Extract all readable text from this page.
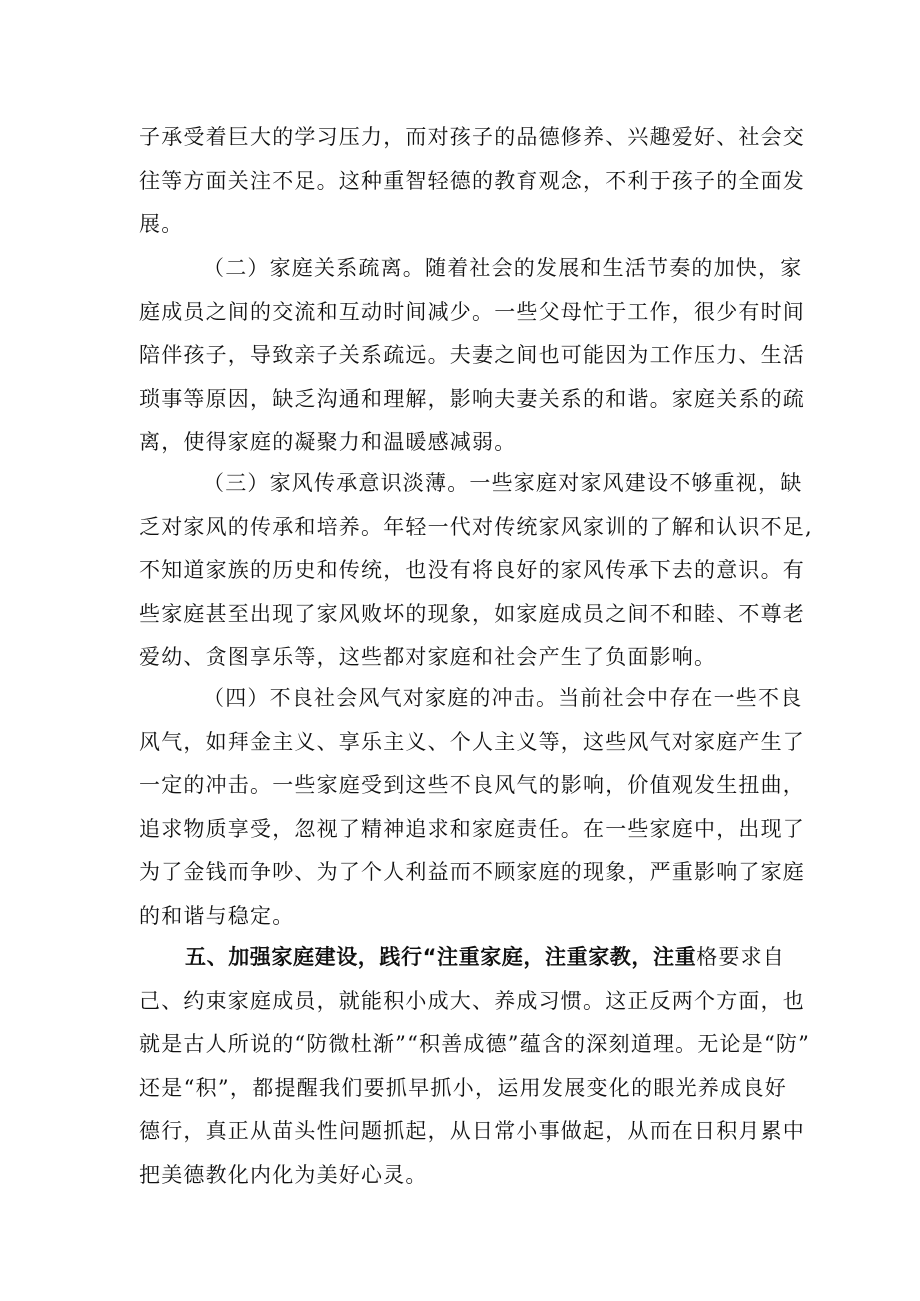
子承受着巨大的学习压力，而对孩子的品德修养、兴趣爱好、社会交
往等方面关注不足。这种重智轻德的教育观念，不利于孩子的全面发
展。
（二）家庭关系疏离。随着社会的发展和生活节奏的加快，家
庭成员之间的交流和互动时间减少。一些父母忙于工作，很少有时间
陪伴孩子，导致亲子关系疏远。夫妻之间也可能因为工作压力、生活
琐事等原因，缺乏沟通和理解，影响夫妻关系的和谐。家庭关系的疏
离，使得家庭的凝聚力和温暖感减弱。
（三）家风传承意识淡薄。一些家庭对家风建设不够重视，缺
乏对家风的传承和培养。年轻一代对传统家风家训的了解和认识不足,
不知道家族的历史和传统，也没有将良好的家风传承下去的意识。有
些家庭甚至出现了家风败坏的现象，如家庭成员之间不和睦、不尊老
爱幼、贪图享乐等，这些都对家庭和社会产生了负面影响。
（四）不良社会风气对家庭的冲击。当前社会中存在一些不良
风气，如拜金主义、享乐主义、个人主义等，这些风气对家庭产生了
一定的冲击。一些家庭受到这些不良风气的影响，价值观发生扭曲，
追求物质享受，忽视了精神追求和家庭责任。在一些家庭中，出现了
为了金钱而争吵、为了个人利益而不顾家庭的现象，严重影响了家庭
的和谐与稳定。
五、加强家庭建设，践行“注重家庭，注重家教，注重格要求自
己、约束家庭成员，就能积小成大、养成习惯。这正反两个方面，也
就是古人所说的“防微杜渐”“积善成德”蕴含的深刻道理。无论是“防”
还是“积”，都提醒我们要抓早抓小，运用发展变化的眼光养成良好
德行，真正从苗头性问题抓起，从日常小事做起，从而在日积月累中
把美德教化内化为美好心灵。
